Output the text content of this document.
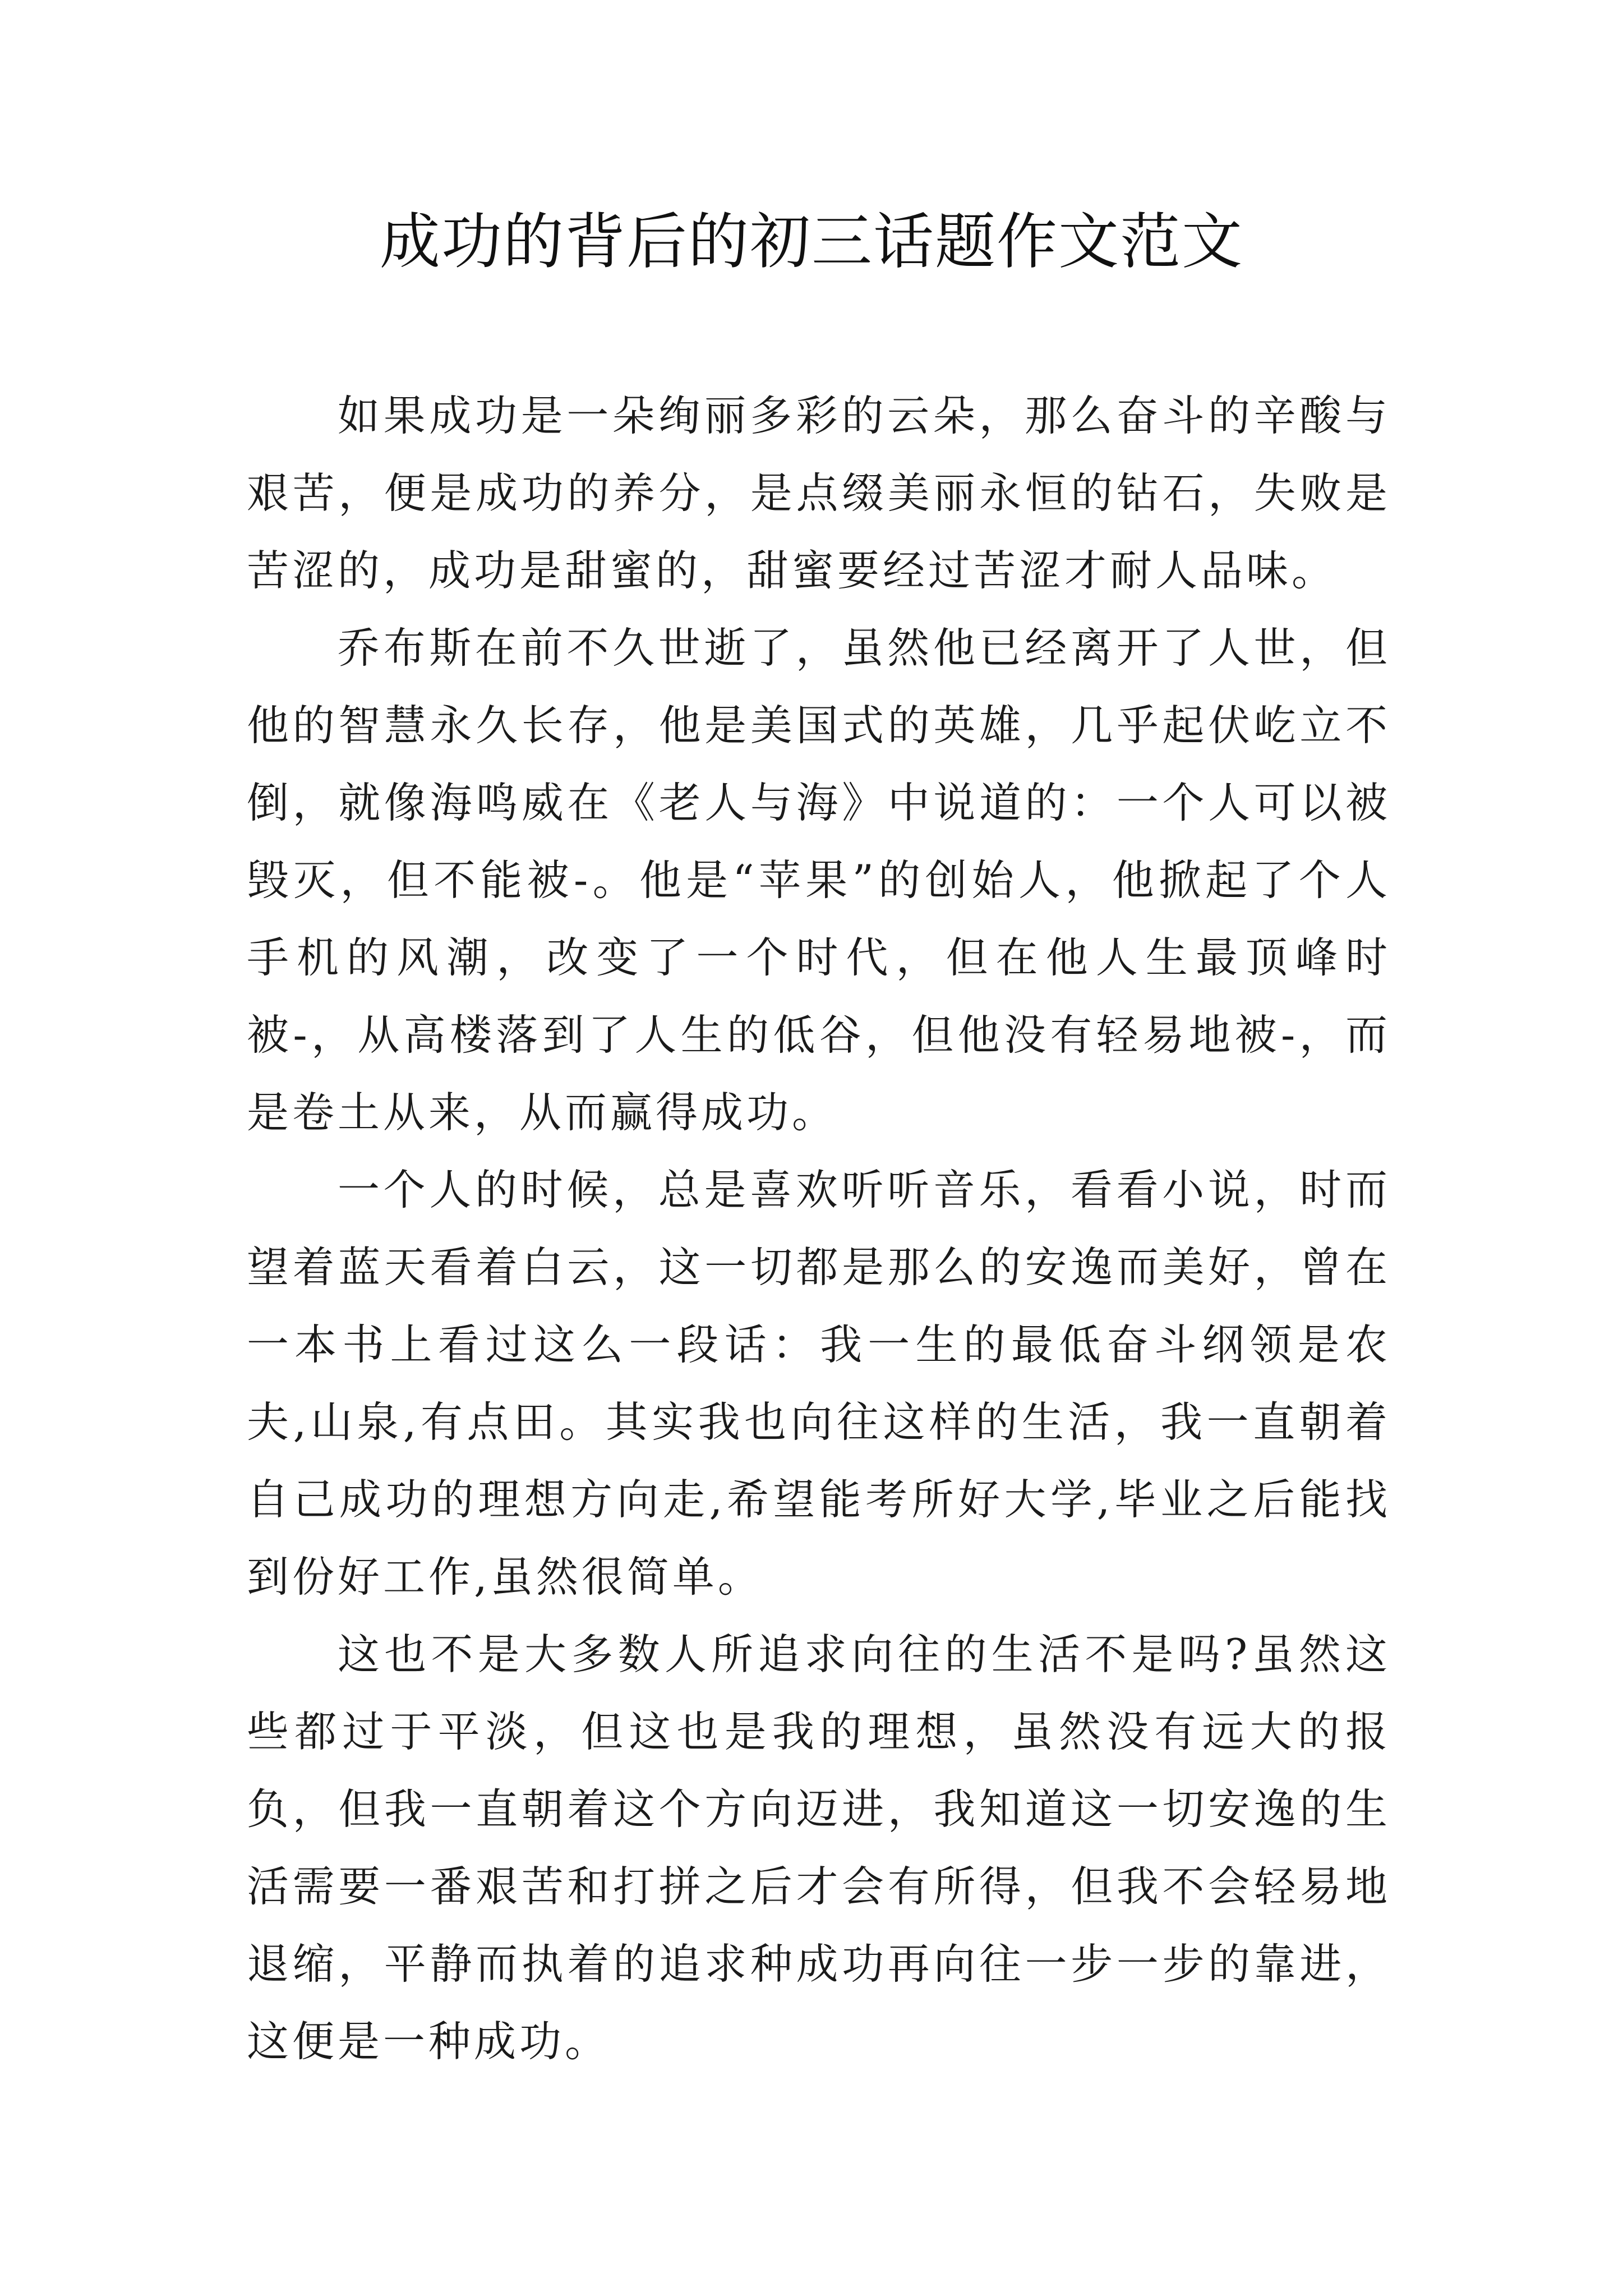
成功的背后的初三话题作文范文

如果成功是一朵绚丽多彩的云朵，那么奋斗的辛酸与艰苦，便是成功的养分，是点缀美丽永恒的钻石，失败是苦涩的，成功是甜蜜的，甜蜜要经过苦涩才耐人品味。

乔布斯在前不久世逝了，虽然他已经离开了人世，但他的智慧永久长存，他是美国式的英雄，几乎起伏屹立不倒，就像海鸣威在《老人与海》中说道的：一个人可以被毁灭，但不能被-。他是“苹果”的创始人，他掀起了个人手机的风潮，改变了一个时代，但在他人生最顶峰时被-，从高楼落到了人生的低谷，但他没有轻易地被-，而是卷土从来，从而赢得成功。

一个人的时候，总是喜欢听听音乐，看看小说，时而望着蓝天看着白云，这一切都是那么的安逸而美好，曾在一本书上看过这么一段话：我一生的最低奋斗纲领是农夫,山泉,有点田。其实我也向往这样的生活，我一直朝着自己成功的理想方向走,希望能考所好大学,毕业之后能找到份好工作,虽然很简单。

这也不是大多数人所追求向往的生活不是吗?虽然这些都过于平淡，但这也是我的理想，虽然没有远大的报负，但我一直朝着这个方向迈进，我知道这一切安逸的生活需要一番艰苦和打拼之后才会有所得，但我不会轻易地退缩，平静而执着的追求种成功再向往一步一步的靠进，这便是一种成功。
